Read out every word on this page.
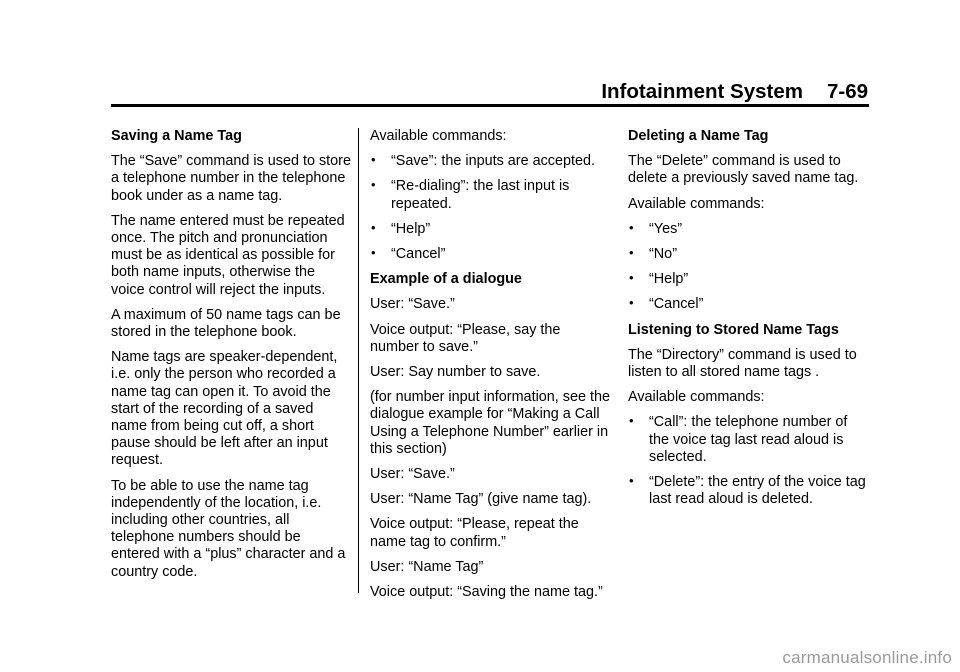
Infotainment System 7-69
Saving a Name Tag

The “Save” command is used to store a telephone number in the telephone book under as a name tag.

The name entered must be repeated once. The pitch and pronunciation must be as identical as possible for both name inputs, otherwise the voice control will reject the inputs.

A maximum of 50 name tags can be stored in the telephone book.

Name tags are speaker-dependent, i.e. only the person who recorded a name tag can open it. To avoid the start of the recording of a saved name from being cut off, a short pause should be left after an input request.

To be able to use the name tag independently of the location, i.e. including other countries, all telephone numbers should be entered with a “plus” character and a country code.

Available commands:

• “Save”: the inputs are accepted.
• “Re-dialing”: the last input is repeated.
• “Help”
• “Cancel”
Example of a dialogue

User: “Save.”

Voice output: “Please, say the number to save.”

User: Say number to save.

(for number input information, see the dialogue example for “Making a Call Using a Telephone Number” earlier in this section)

User: “Save.”

User: “Name Tag” (give name tag).

Voice output: “Please, repeat the name tag to confirm.”

User: “Name Tag”

Voice output: “Saving the name tag.”

Deleting a Name Tag

The “Delete” command is used to delete a previously saved name tag.

Available commands:

• “Yes”
• “No”
• “Help”
• “Cancel”
Listening to Stored Name Tags

The “Directory” command is used to listen to all stored name tags .

Available commands:

• “Call”: the telephone number of the voice tag last read aloud is selected.
• “Delete”: the entry of the voice tag last read aloud is deleted.
carmanualsonline.info
